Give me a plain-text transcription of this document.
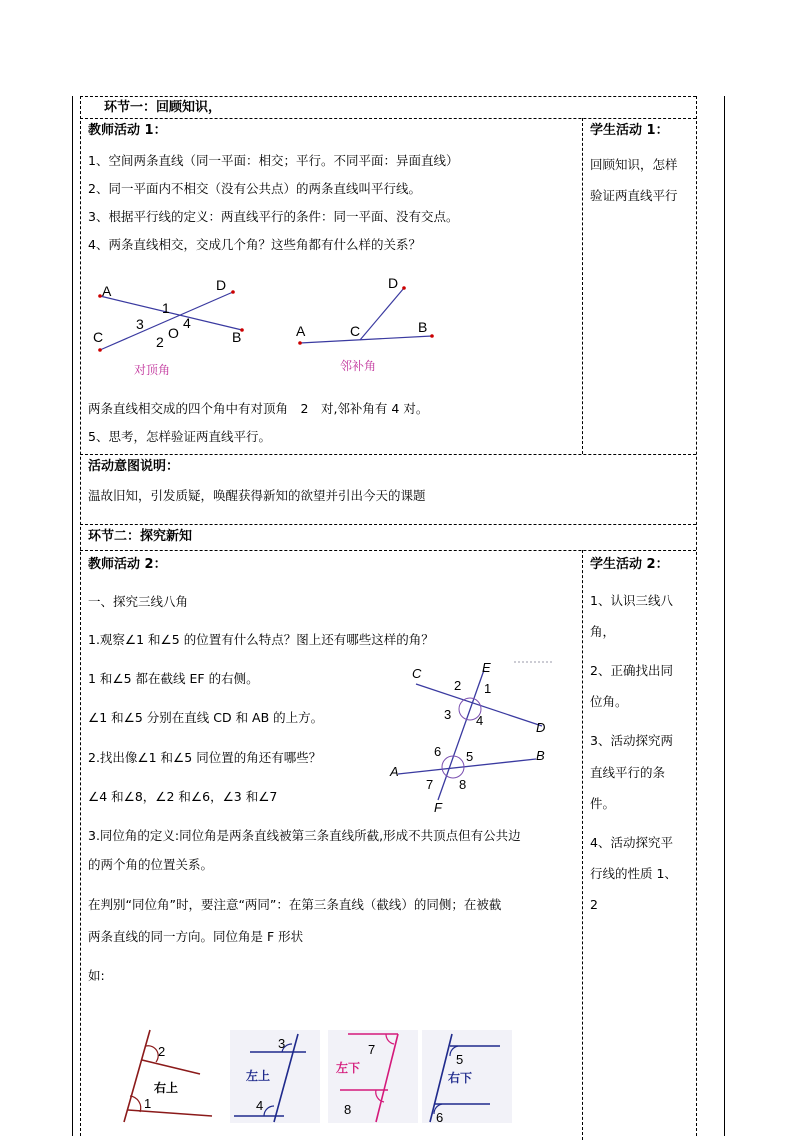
环节一：回顾知识，
教师活动 1：
1、空间两条直线（同一平面：相交；平行。不同平面：异面直线）
2、同一平面内不相交（没有公共点）的两条直线叫平行线。
3、根据平行线的定义：两直线平行的条件：同一平面、没有交点。
4、两条直线相交，交成几个角？这些角都有什么样的关系？
A	D
C	B
O
1
2
3	4
对顶角
A	C	B
D
邻补角
两条直线相交成的四个角中有对顶角　2　对,邻补角有 4 对。
5、思考，怎样验证两直线平行。
学生活动 1：
回顾知识，怎样
验证两直线平行
活动意图说明：
温故旧知，引发质疑，唤醒获得新知的欲望并引出今天的课题
环节二：探究新知
教师活动 2：
一、探究三线八角
1.观察∠1 和∠5 的位置有什么特点？图上还有哪些这样的角？
1 和∠5 都在截线 EF 的右侧。
∠1 和∠5 分别在直线 CD 和 AB 的上方。
2.找出像∠1 和∠5 同位置的角还有哪些？
∠4 和∠8，∠2 和∠6，∠3 和∠7
3.同位角的定义:同位角是两条直线被第三条直线所截,形成不共顶点但有公共边
的两个角的位置关系。
在判别“同位角”时，要注意“两同”：在第三条直线（截线）的同侧；在被截
两条直线的同一方向。同位角是 F 形状
如:
C
D
A
B
E
F
1
2
3 4
5
6
7 8
2
1
右上
3
4
左上
7
8
左下
5
6
右下
学生活动 2：
1、认识三线八
角，
2、正确找出同
位角。
3、活动探究两
直线平行的条
件。
4、活动探究平
行线的性质 1、
2
